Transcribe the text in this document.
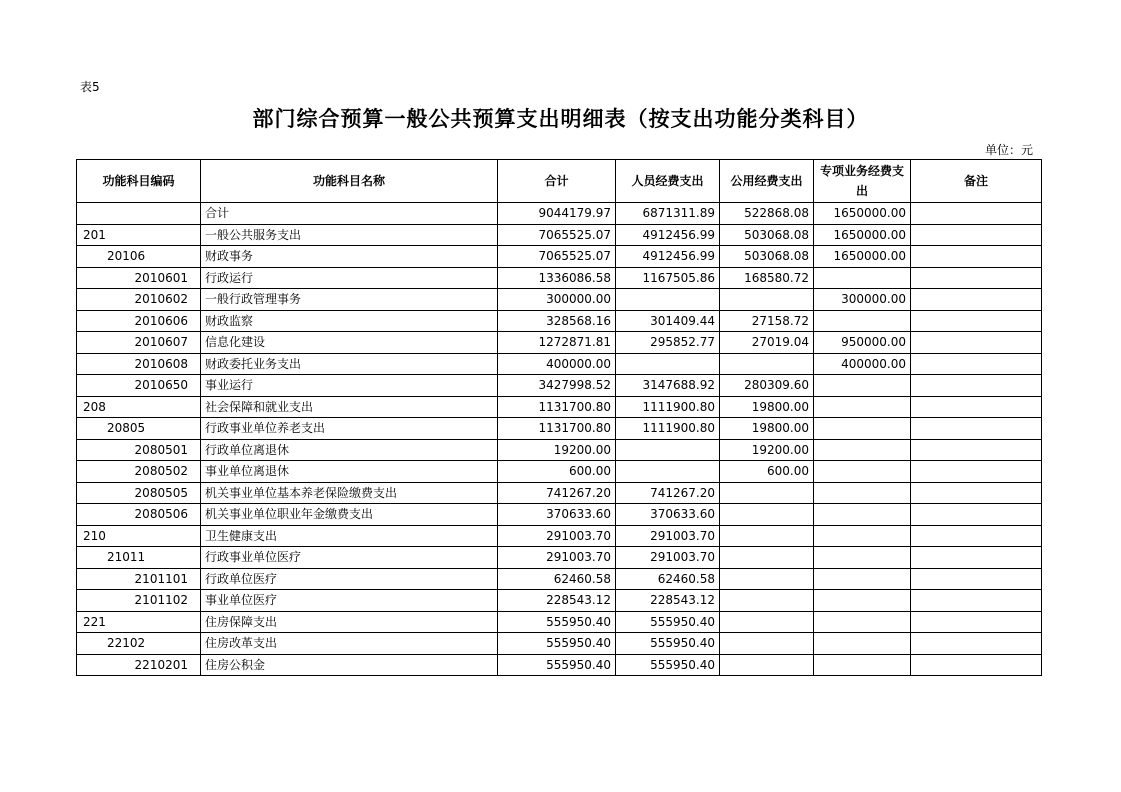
表5
部门综合预算一般公共预算支出明细表（按支出功能分类科目）
单位：元
功能科目编码	功能科目名称	合计	人员经费支出	公用经费支出	专项业务经费支出	备注
	合计	9044179.97	6871311.89	522868.08	1650000.00	
201	一般公共服务支出	7065525.07	4912456.99	503068.08	1650000.00	
20106	财政事务	7065525.07	4912456.99	503068.08	1650000.00	
2010601	行政运行	1336086.58	1167505.86	168580.72		
2010602	一般行政管理事务	300000.00			300000.00	
2010606	财政监察	328568.16	301409.44	27158.72		
2010607	信息化建设	1272871.81	295852.77	27019.04	950000.00	
2010608	财政委托业务支出	400000.00			400000.00	
2010650	事业运行	3427998.52	3147688.92	280309.60		
208	社会保障和就业支出	1131700.80	1111900.80	19800.00		
20805	行政事业单位养老支出	1131700.80	1111900.80	19800.00		
2080501	行政单位离退休	19200.00		19200.00		
2080502	事业单位离退休	600.00		600.00		
2080505	机关事业单位基本养老保险缴费支出	741267.20	741267.20			
2080506	机关事业单位职业年金缴费支出	370633.60	370633.60			
210	卫生健康支出	291003.70	291003.70			
21011	行政事业单位医疗	291003.70	291003.70			
2101101	行政单位医疗	62460.58	62460.58			
2101102	事业单位医疗	228543.12	228543.12			
221	住房保障支出	555950.40	555950.40			
22102	住房改革支出	555950.40	555950.40			
2210201	住房公积金	555950.40	555950.40			
